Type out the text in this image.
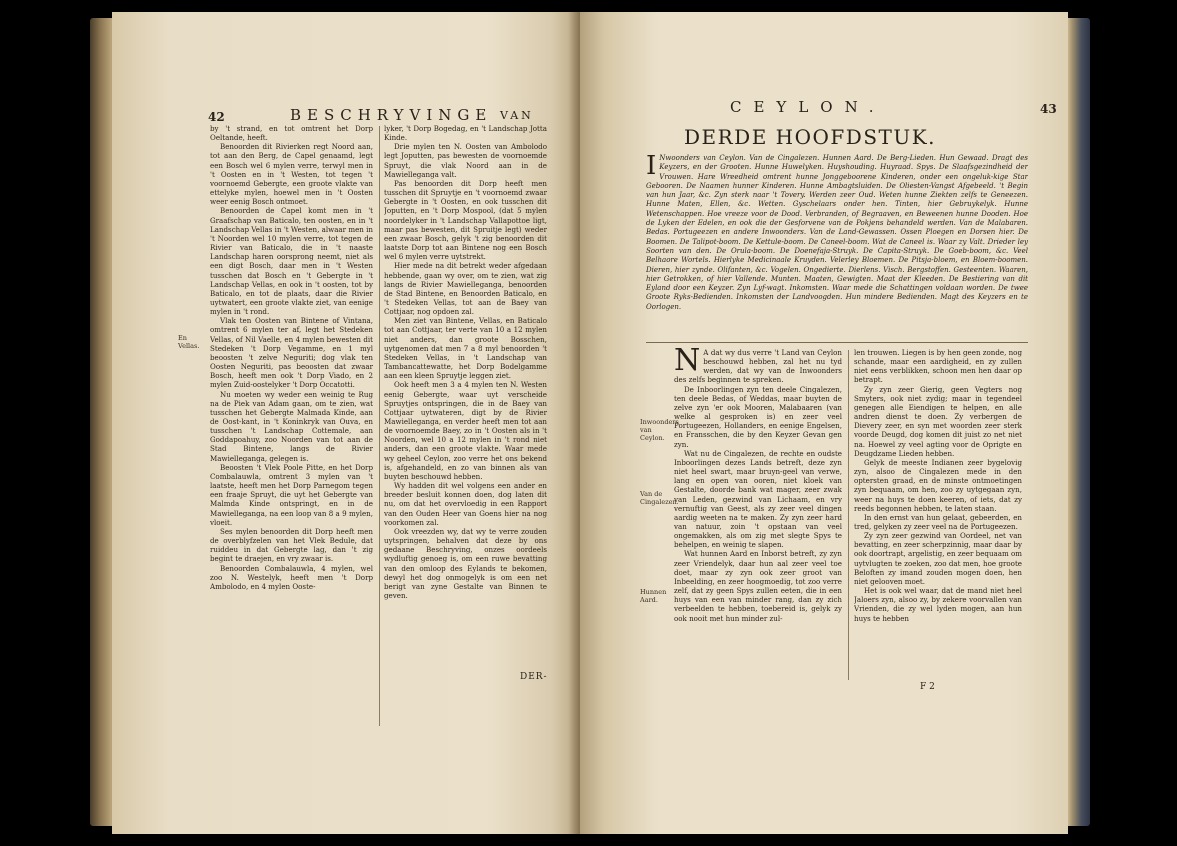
42	BESCHRYVINGE VAN
En Vellas.

by 't strand, en tot omtrent het Dorp Oeltande, heeft.

Benoorden dit Rivierken regt Noord aan, tot aan den Berg, de Capel genaamd, legt een Bosch wel 6 mylen verre, terwyl men in 't Oosten en in 't Westen, tot tegen 't voornoemd Gebergte, een groote vlakte van ettelyke mylen, hoewel men in 't Oosten weer eenig Bosch ontmoet.

Benoorden de Capel komt men in 't Graafschap van Baticalo, ten oosten, en in 't Landschap Vellas in 't Westen, alwaar men in 't Noorden wel 10 mylen verre, tot tegen de Rivier van Baticalo, die in 't naaste Landschap haren oorsprong neemt, niet als een digt Bosch, daar men in 't Westen tusschen dat Bosch en 't Gebergte in 't Landschap Vellas, en ook in 't oosten, tot by Baticalo, en tot de plaats, daar die Rivier uytwatert, een groote vlakte ziet, van eenige mylen in 't rond.

Vlak ten Oosten van Bintene of Vintana, omtrent 6 mylen ter af, legt het Stedeken Vellas, of Nil Vaelle, en 4 mylen bewesten dit Stedeken 't Dorp Vegamme, en 1 myl beoosten 't zelve Neguriti; dog vlak ten Oosten Neguriti, pas beoosten dat zwaar Bosch, heeft men ook 't Dorp Viado, en 2 mylen Zuid-oostelyker 't Dorp Occatotti.

Nu moeten wy weder een weinig te Rug na de Piek van Adam gaan, om te zien, wat tusschen het Gebergte Malmada Kinde, aan de Oost-kant, in 't Koninkryk van Ouva, en tusschen 't Landschap Cottemale, aan Goddapoahuy, zoo Noorden van tot aan de Stad Bintene, langs de Rivier Mawielleganga, gelegen is.

Beoosten 't Vlek Poole Pitte, en het Dorp Combalauwla, omtrent 3 mylen van 't laatste, heeft men het Dorp Parnegom tegen een fraaje Spruyt, die uyt het Gebergte van Malmda Kinde ontspringt, en in de Mawielleganga, na een loop van 8 a 9 mylen, vloeit.

Ses mylen benoorden dit Dorp heeft men de overblyfzelen van het Vlek Bedule, dat ruiddeu in dat Gebergte lag, dan 't zig begint te draejen, en vry zwaar is.

Benoorden Combalauwla, 4 mylen, wel zoo N. Westelyk, heeft men 't Dorp Ambolodo, en 4 mylen Ooste-

lyker, 't Dorp Bogedag, en 't Landschap Jotta Kinde.

Drie mylen ten N. Oosten van Ambolodo legt Joputten, pas bewesten de voornoemde Spruyt, die vlak Noord aan in de Mawielleganga valt.

Pas benoorden dit Dorp heeft men tusschen dit Spruytje en 't voornoemd zwaar Gebergte in 't Oosten, en ook tusschen dit Joputten, en 't Dorp Mospool, (dat 5 mylen noordelyker in 't Landschap Vallapottoe ligt, maar pas bewesten, dit Spruitje legt) weder een zwaar Bosch, gelyk 't zig benoorden dit laatste Dorp tot aan Bintene nog een Bosch wel 6 mylen verre uytstrekt.

Hier mede na dit betrekt weder afgedaan hebbende, gaan wy over, om te zien, wat zig langs de Rivier Mawielleganga, benoorden de Stad Bintene, en Benoorden Baticalo, en 't Stedeken Vellas, tot aan de Baey van Cottjaar, nog opdoen zal.

Men ziet van Bintene, Vellas, en Baticalo tot aan Cottjaar, ter verte van 10 a 12 mylen niet anders, dan groote Bosschen, uytgenomen dat men 7 a 8 myl benoorden 't Stedeken Vellas, in 't Landschap van Tambancattewatte, het Dorp Bodelgamme aan een kleen Spruytje leggen ziet.

Ook heeft men 3 a 4 mylen ten N. Westen eenig Gebergte, waar uyt verscheide Spruytjes ontspringen, die in de Baey van Cottjaar uytwateren, digt by de Rivier Mawielleganga, en verder heeft men tot aan de voornoemde Baey, zo in 't Oosten als in 't Noorden, wel 10 a 12 mylen in 't rond niet anders, dan een groote vlakte. Waar mede wy geheel Ceylon, zoo verre het ons bekend is, afgehandeld, en zo van binnen als van buyten beschouwd hebben.

Wy hadden dit wel volgens een ander en breeder besluit konnen doen, dog laten dit nu, om dat het overvloedig in een Rapport van den Ouden Heer van Goens hier na nog voorkomen zal.

Ook vreezden wy, dat wy te verre zouden uytspringen, behalven dat deze by ons gedaane Beschryving, onzes oordeels wydluftig genoeg is, om een ruwe bevatting van den omloop des Eylands te bekomen, dewyl het dog onmogelyk is om een net berigt van zyne Gestalte van Binnen te geven.

DER-
CEYLON.	43
DERDE HOOFDSTUK.
I Nwoonders van Ceylon. Van de Cingalezen. Hunnen Aard. De Berg-Lieden. Hun Gewaad. Dragt des Keyzers, en der Grooten. Hunne Huwelyken. Huyshouding. Huyraad. Spys. De Slaafsgezindheid der Vrouwen. Hare Wreedheid omtrent hunne Jonggeboorene Kinderen, onder een ongeluk-kige Star Gebooren. De Naamen hunner Kinderen. Hunne Ambagtsluiden. De Oliesten-Vangst Afgebeeld. 't Begin van hun Jaar, &c. Zyn sterk naar 't Tovery. Werden zeer Oud. Weten hunne Ziekten zelfs te Geneezen. Hunne Maten, Ellen, &c. Wetten. Gyschelaars onder hen. Tinten, hier Gebruykelyk. Hunne Wetenschappen. Hoe vreeze voor de Dood. Verbranden, of Begraaven, en Beweenen hunne Dooden. Hoe de Lyken der Edelen, en ook die der Gesforvene van de Pokjens behandeld werden. Van de Malabaren. Bedas. Portugeezen en andere Inwoonders. Van de Land-Gewassen. Ossen Ploegen en Dorsen hier. De Boomen. De Talipot-boom. De Kettule-boom. De Caneel-boom. Wat de Caneel is. Waar zy Valt. Drieder ley Soorten van den. De Orula-boom. De Doenefaja-Struyk. De Capita-Struyk. De Goeb-boom, &c. Veel Belhaore Wortels. Hierlyke Medicinaale Kruyden. Velerley Bloemen. De Pitsja-bloem, en Bloem-boomen. Dieren, hier zynde. Olifanten, &c. Vogelen. Ongedierte. Dierlens. Visch. Bergstoffen. Gesteenten. Waaren, hier Getrokken, of hier Vallende. Munten. Maaten, Gewigten. Maat der Kleeden. De Bestiering van dit Eyland door een Keyzer. Zyn Lyf-wagt. Inkomsten. Waar mede die Schattingen voldaan worden. De twee Groote Ryks-Bedienden. Inkomsten der Landvoogden. Hun mindere Bedienden. Magt des Keyzers en te Oorlogen.
Inwoonders van Ceylon.
Van de Cingalezen.
Hunnen Aard.

N A dat wy dus verre 't Land van Ceylon beschouwd hebben, zal het nu tyd werden, dat wy van de Inwoonders des zelfs beginnen te spreken.

De Inboorlingen zyn ten deele Cingalezen, ten deele Bedas, of Weddas, maar buyten de zelve zyn 'er ook Mooren, Malabaaren (van welke al gesproken is) en zeer veel Portugeezen, Hollanders, en eenige Engelsen, en Fransschen, die by den Keyzer Gevan gen zyn.

Wat nu de Cingalezen, de rechte en oudste Inboorlingen dezes Lands betreft, deze zyn niet heel swart, maar bruyn-geel van verwe, lang en open van ooren, niet kloek van Gestalte, doorde bank wat mager, zeer zwak van Leden, gezwind van Lichaam, en vry vernuftig van Geest, als zy zeer veel dingen aardig weeten na te maken. Zy zyn zeer hard van natuur, zoin 't opstaan van veel ongemakken, als om zig met slegte Spys te behelpen, en weinig te slapen.

Wat hunnen Aard en Inborst betreft, zy zyn zeer Vriendelyk, daar hun aal zeer veel toe doet, maar zy zyn ook zeer groot van Inbeelding, en zeer hoogmoedig, tot zoo verre zelf, dat zy geen Spys zullen eeten, die in een huys van een van minder rang, dan zy zich verbeelden te hebben, toebereid is, gelyk zy ook nooit met hun minder zul-

len trouwen. Liegen is by hen geen zonde, nog schande, maar een aardigheid, en zy zullen niet eens verblikken, schoon men hen daar op betrapt.

Zy zyn zeer Gierig, geen Vegters nog Smyters, ook niet zydig; maar in tegendeel genegen alle Eiendigen te helpen, en alle andren dienst te doen. Zy verbergen de Dievery zeer, en syn met woorden zeer sterk voorde Deugd, dog komen dit juist zo net niet na. Hoewel zy veel agting voor de Oprigte en Deugdzame Lieden hebben.

Gelyk de meeste Indianen zeer bygelovig zyn, alsoo de Cingalezen mede in den optersten graad, en de minste ontmoetingen zyn bequaam, om hen, zoo zy uytgegaan zyn, weer na huys te doen keeren, of iets, dat zy reeds begonnen hebben, te laten staan.

In den ernst van hun gelaat, gebeerden, en tred, gelyken zy zeer veel na de Portugeezen.

Zy zyn zeer gezwind van Oordeel, net van bevatting, en zeer scherpzinnig, maar daar by ook doortrapt, argelistig, en zeer bequaam om uytvlugten te zoeken, zoo dat men, hoe groote Beloften zy imand zouden mogen doen, hen niet gelooven moet.

Het is ook wel waar, dat de mand niet heel Jaloers zyn, alsoo zy, by zekere voorvallen van Vrienden, die zy wel lyden mogen, aan hun huys te hebben

F 2
